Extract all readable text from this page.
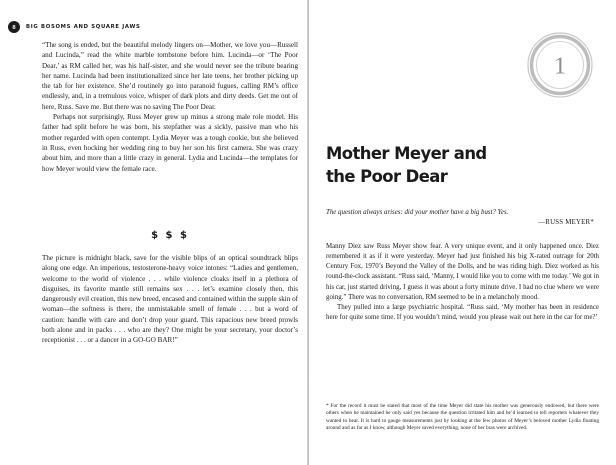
8	BIG BOSOMS AND SQUARE JAWS

“The song is ended, but the beautiful melody lingers on—Mother, we love you—Russell and Lucinda,” read the white marble tombstone before him. Lucinda—or ‘The Poor Dear,’ as RM called her, was his half-sister, and she would never see the tribute bearing her name. Lucinda had been institutionalized since her late teens, her brother picking up the tab for her existence. She’d routinely go into paranoid fugues, calling RM’s office endlessly, and, in a tremulous voice, whisper of dark plots and dirty deeds. Get me out of here, Russ. Save me. But there was no saving The Poor Dear.

Perhaps not surprisingly, Russ Meyer grew up minus a strong male role model. His father had split before he was born, his stepfather was a sickly, passive man who his mother regarded with open contempt. Lydia Meyer was a tough cookie, but she believed in Russ, even hocking her wedding ring to buy her son his first camera. She was crazy about him, and more than a little crazy in general. Lydia and Lucinda—the templates for how Meyer would view the female race.

$ $ $

The picture is midnight black, save for the visible blips of an optical soundtrack blips along one edge. An imperious, testosterone-heavy voice intones: “Ladies and gentlemen, welcome to the world of violence . . . while violence cloaks itself in a plethora of disguises, its favorite mantle still remains sex . . . let’s examine closely then, this dangerously evil creation, this new breed, encased and contained within the supple skin of woman—the softness is there, the unmistakable smell of female . . . but a word of caution: handle with care and don’t drop your guard. This rapacious new breed prowls both alone and in packs . . . who are they? One might be your secretary, your doctor’s receptionist . . . or a dancer in a GO-GO BAR!”

1
Mother Meyer and
the Poor Dear
The question always arises: did your mother have a big bust? Yes.
—RUSS MEYER*

Manny Diez saw Russ Meyer show fear. A very unique event, and it only happened once. Diez remembered it as if it were yesterday. Meyer had just finished his big X-rated outrage for 20th Century Fox, 1970’s Beyond the Valley of the Dolls, and he was riding high. Diez worked as his round-the-clock assistant. “Russ said, ‘Manny, I would like you to come with me today.’ We got in his car, just started driving, I guess it was about a forty minute drive. I had no clue where we were going.” There was no conversation, RM seemed to be in a melancholy mood.

They pulled into a large psychiatric hospital. “Russ said, ‘My mother has been in residence here for quite some time. If you wouldn’t mind, would you please wait out here in the car for me?’

* For the record it must be stated that most of the time Meyer did state his mother was generously endowed, but there were others when he maintained he only said yes because the question irritated him and he’d learned to tell reporters whatever they wanted to hear. It is hard to gauge measurements just by looking at the few photos of Meyer’s beloved mother Lydia floating around and as far as I know, although Meyer saved everything, none of her bras were archived.
